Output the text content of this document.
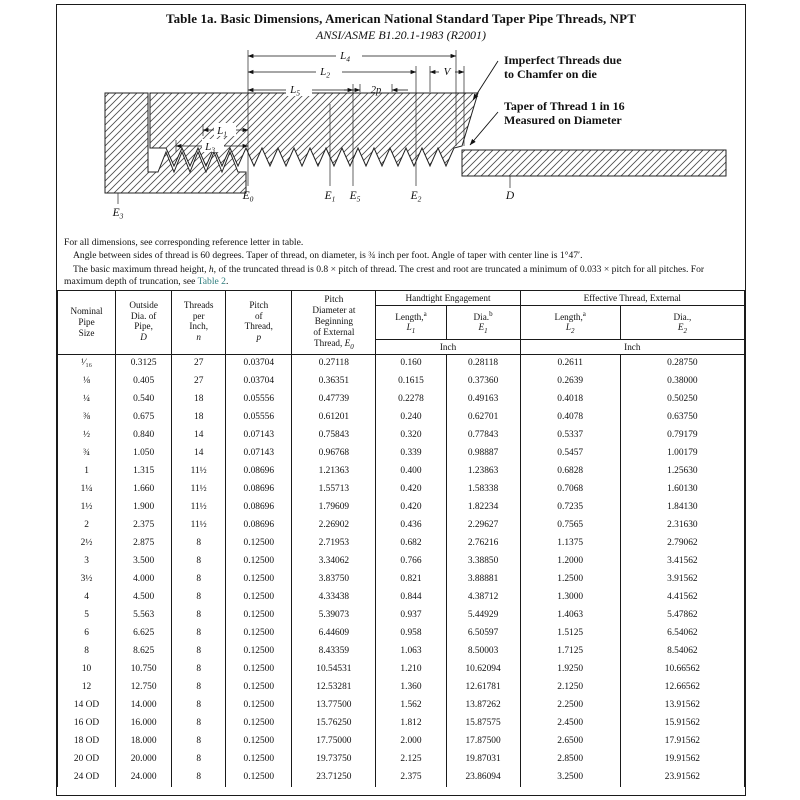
Table 1a. Basic Dimensions, American National Standard Taper Pipe Threads, NPT
ANSI/ASME B1.20.1-1983 (R2001)
$L_4$
$L_2$	V
$L_5$	2p
$L_1$
$L_3$
$E_0$	$E_1$ $E_5$	$E_2$	D
$E_3$
Imperfect Threads due
to Chamfer on die
Taper of Thread 1 in 16
Measured on Diameter

For all dimensions, see corresponding reference letter in table.

Angle between sides of thread is 60 degrees. Taper of thread, on diameter, is ¾ inch per foot. Angle of taper with center line is 1°47′.

The basic maximum thread height, h, of the truncated thread is 0.8 × pitch of thread. The crest and root are truncated a minimum of 0.033 × pitch for all pitches. For maximum depth of truncation, see Table 2.

Nominal
Pipe
Size

Outside
Dia. of
Pipe,
D

Threads
per
Inch,
n

Pitch
of
Thread,
p

Pitch
Diameter at
Beginning
of External
Thread, $E_0$
	Handtight Engagement	Effective Thread, External

Length,$^a$
$L_1$

Dia.$^b$
$E_1$

Length,$^a$
$L_2$

Dia.,
$E_2$

					Inch		Inch	
¹⁄₁₆	0.3125	27	0.03704	0.27118	0.160	0.28118	0.2611	0.28750
⅛	0.405	27	0.03704	0.36351	0.1615	0.37360	0.2639	0.38000
¼	0.540	18	0.05556	0.47739	0.2278	0.49163	0.4018	0.50250
⅜	0.675	18	0.05556	0.61201	0.240	0.62701	0.4078	0.63750
½	0.840	14	0.07143	0.75843	0.320	0.77843	0.5337	0.79179
¾	1.050	14	0.07143	0.96768	0.339	0.98887	0.5457	1.00179
1	1.315	11½	0.08696	1.21363	0.400	1.23863	0.6828	1.25630
1¼	1.660	11½	0.08696	1.55713	0.420	1.58338	0.7068	1.60130
1½	1.900	11½	0.08696	1.79609	0.420	1.82234	0.7235	1.84130
2	2.375	11½	0.08696	2.26902	0.436	2.29627	0.7565	2.31630
2½	2.875	8	0.12500	2.71953	0.682	2.76216	1.1375	2.79062
3	3.500	8	0.12500	3.34062	0.766	3.38850	1.2000	3.41562
3½	4.000	8	0.12500	3.83750	0.821	3.88881	1.2500	3.91562
4	4.500	8	0.12500	4.33438	0.844	4.38712	1.3000	4.41562
5	5.563	8	0.12500	5.39073	0.937	5.44929	1.4063	5.47862
6	6.625	8	0.12500	6.44609	0.958	6.50597	1.5125	6.54062
8	8.625	8	0.12500	8.43359	1.063	8.50003	1.7125	8.54062
10	10.750	8	0.12500	10.54531	1.210	10.62094	1.9250	10.66562
12	12.750	8	0.12500	12.53281	1.360	12.61781	2.1250	12.66562
14 OD	14.000	8	0.12500	13.77500	1.562	13.87262	2.2500	13.91562
16 OD	16.000	8	0.12500	15.76250	1.812	15.87575	2.4500	15.91562
18 OD	18.000	8	0.12500	17.75000	2.000	17.87500	2.6500	17.91562
20 OD	20.000	8	0.12500	19.73750	2.125	19.87031	2.8500	19.91562
24 OD	24.000	8	0.12500	23.71250	2.375	23.86094	3.2500	23.91562
